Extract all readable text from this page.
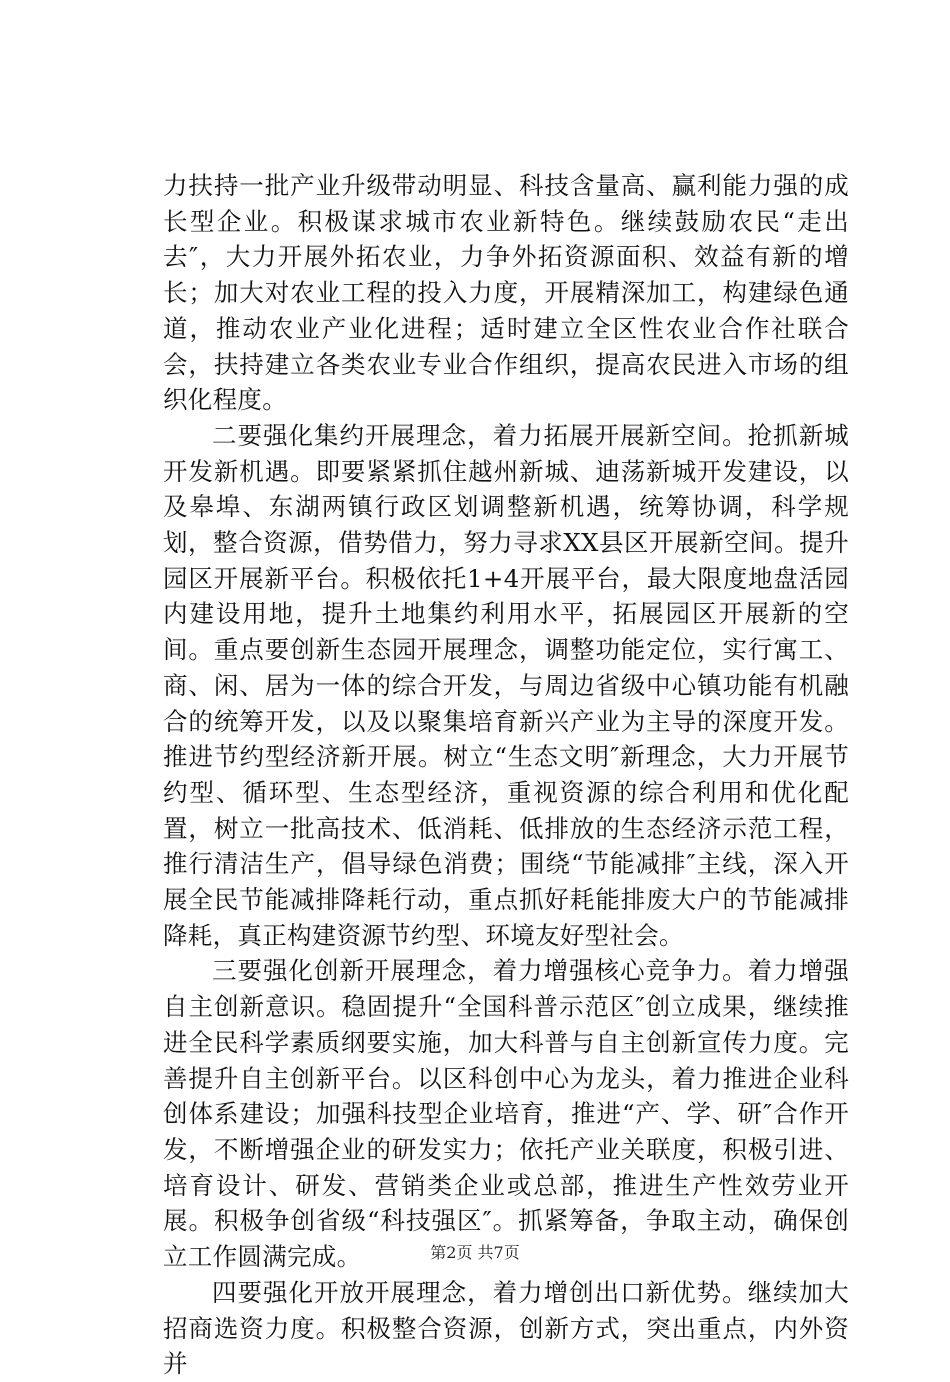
力扶持一批产业升级带动明显、科技含量高、赢利能力强的成长型企业。积极谋求城市农业新特色。继续鼓励农民“走出去″，大力开展外拓农业，力争外拓资源面积、效益有新的增长；加大对农业工程的投入力度，开展精深加工，构建绿色通道，推动农业产业化进程；适时建立全区性农业合作社联合会，扶持建立各类农业专业合作组织，提高农民进入市场的组织化程度。

二要强化集约开展理念，着力拓展开展新空间。抢抓新城开发新机遇。即要紧紧抓住越州新城、迪荡新城开发建设，以及皋埠、东湖两镇行政区划调整新机遇，统筹协调，科学规划，整合资源，借势借力，努力寻求XX县区开展新空间。提升园区开展新平台。积极依托1+4开展平台，最大限度地盘活园内建设用地，提升土地集约利用水平，拓展园区开展新的空间。重点要创新生态园开展理念，调整功能定位，实行寓工、商、闲、居为一体的综合开发，与周边省级中心镇功能有机融合的统筹开发，以及以聚集培育新兴产业为主导的深度开发。推进节约型经济新开展。树立“生态文明″新理念，大力开展节约型、循环型、生态型经济，重视资源的综合利用和优化配置，树立一批高技术、低消耗、低排放的生态经济示范工程，推行清洁生产，倡导绿色消费；围绕“节能减排″主线，深入开展全民节能减排降耗行动，重点抓好耗能排废大户的节能减排降耗，真正构建资源节约型、环境友好型社会。

三要强化创新开展理念，着力增强核心竞争力。着力增强自主创新意识。稳固提升“全国科普示范区″创立成果，继续推进全民科学素质纲要实施，加大科普与自主创新宣传力度。完善提升自主创新平台。以区科创中心为龙头，着力推进企业科创体系建设；加强科技型企业培育，推进“产、学、研″合作开发，不断增强企业的研发实力；依托产业关联度，积极引进、培育设计、研发、营销类企业或总部，推进生产性效劳业开展。积极争创省级“科技强区″。抓紧筹备，争取主动，确保创立工作圆满完成。

四要强化开放开展理念，着力增创出口新优势。继续加大招商选资力度。积极整合资源，创新方式，突出重点，内外资并

第2页 共7页
